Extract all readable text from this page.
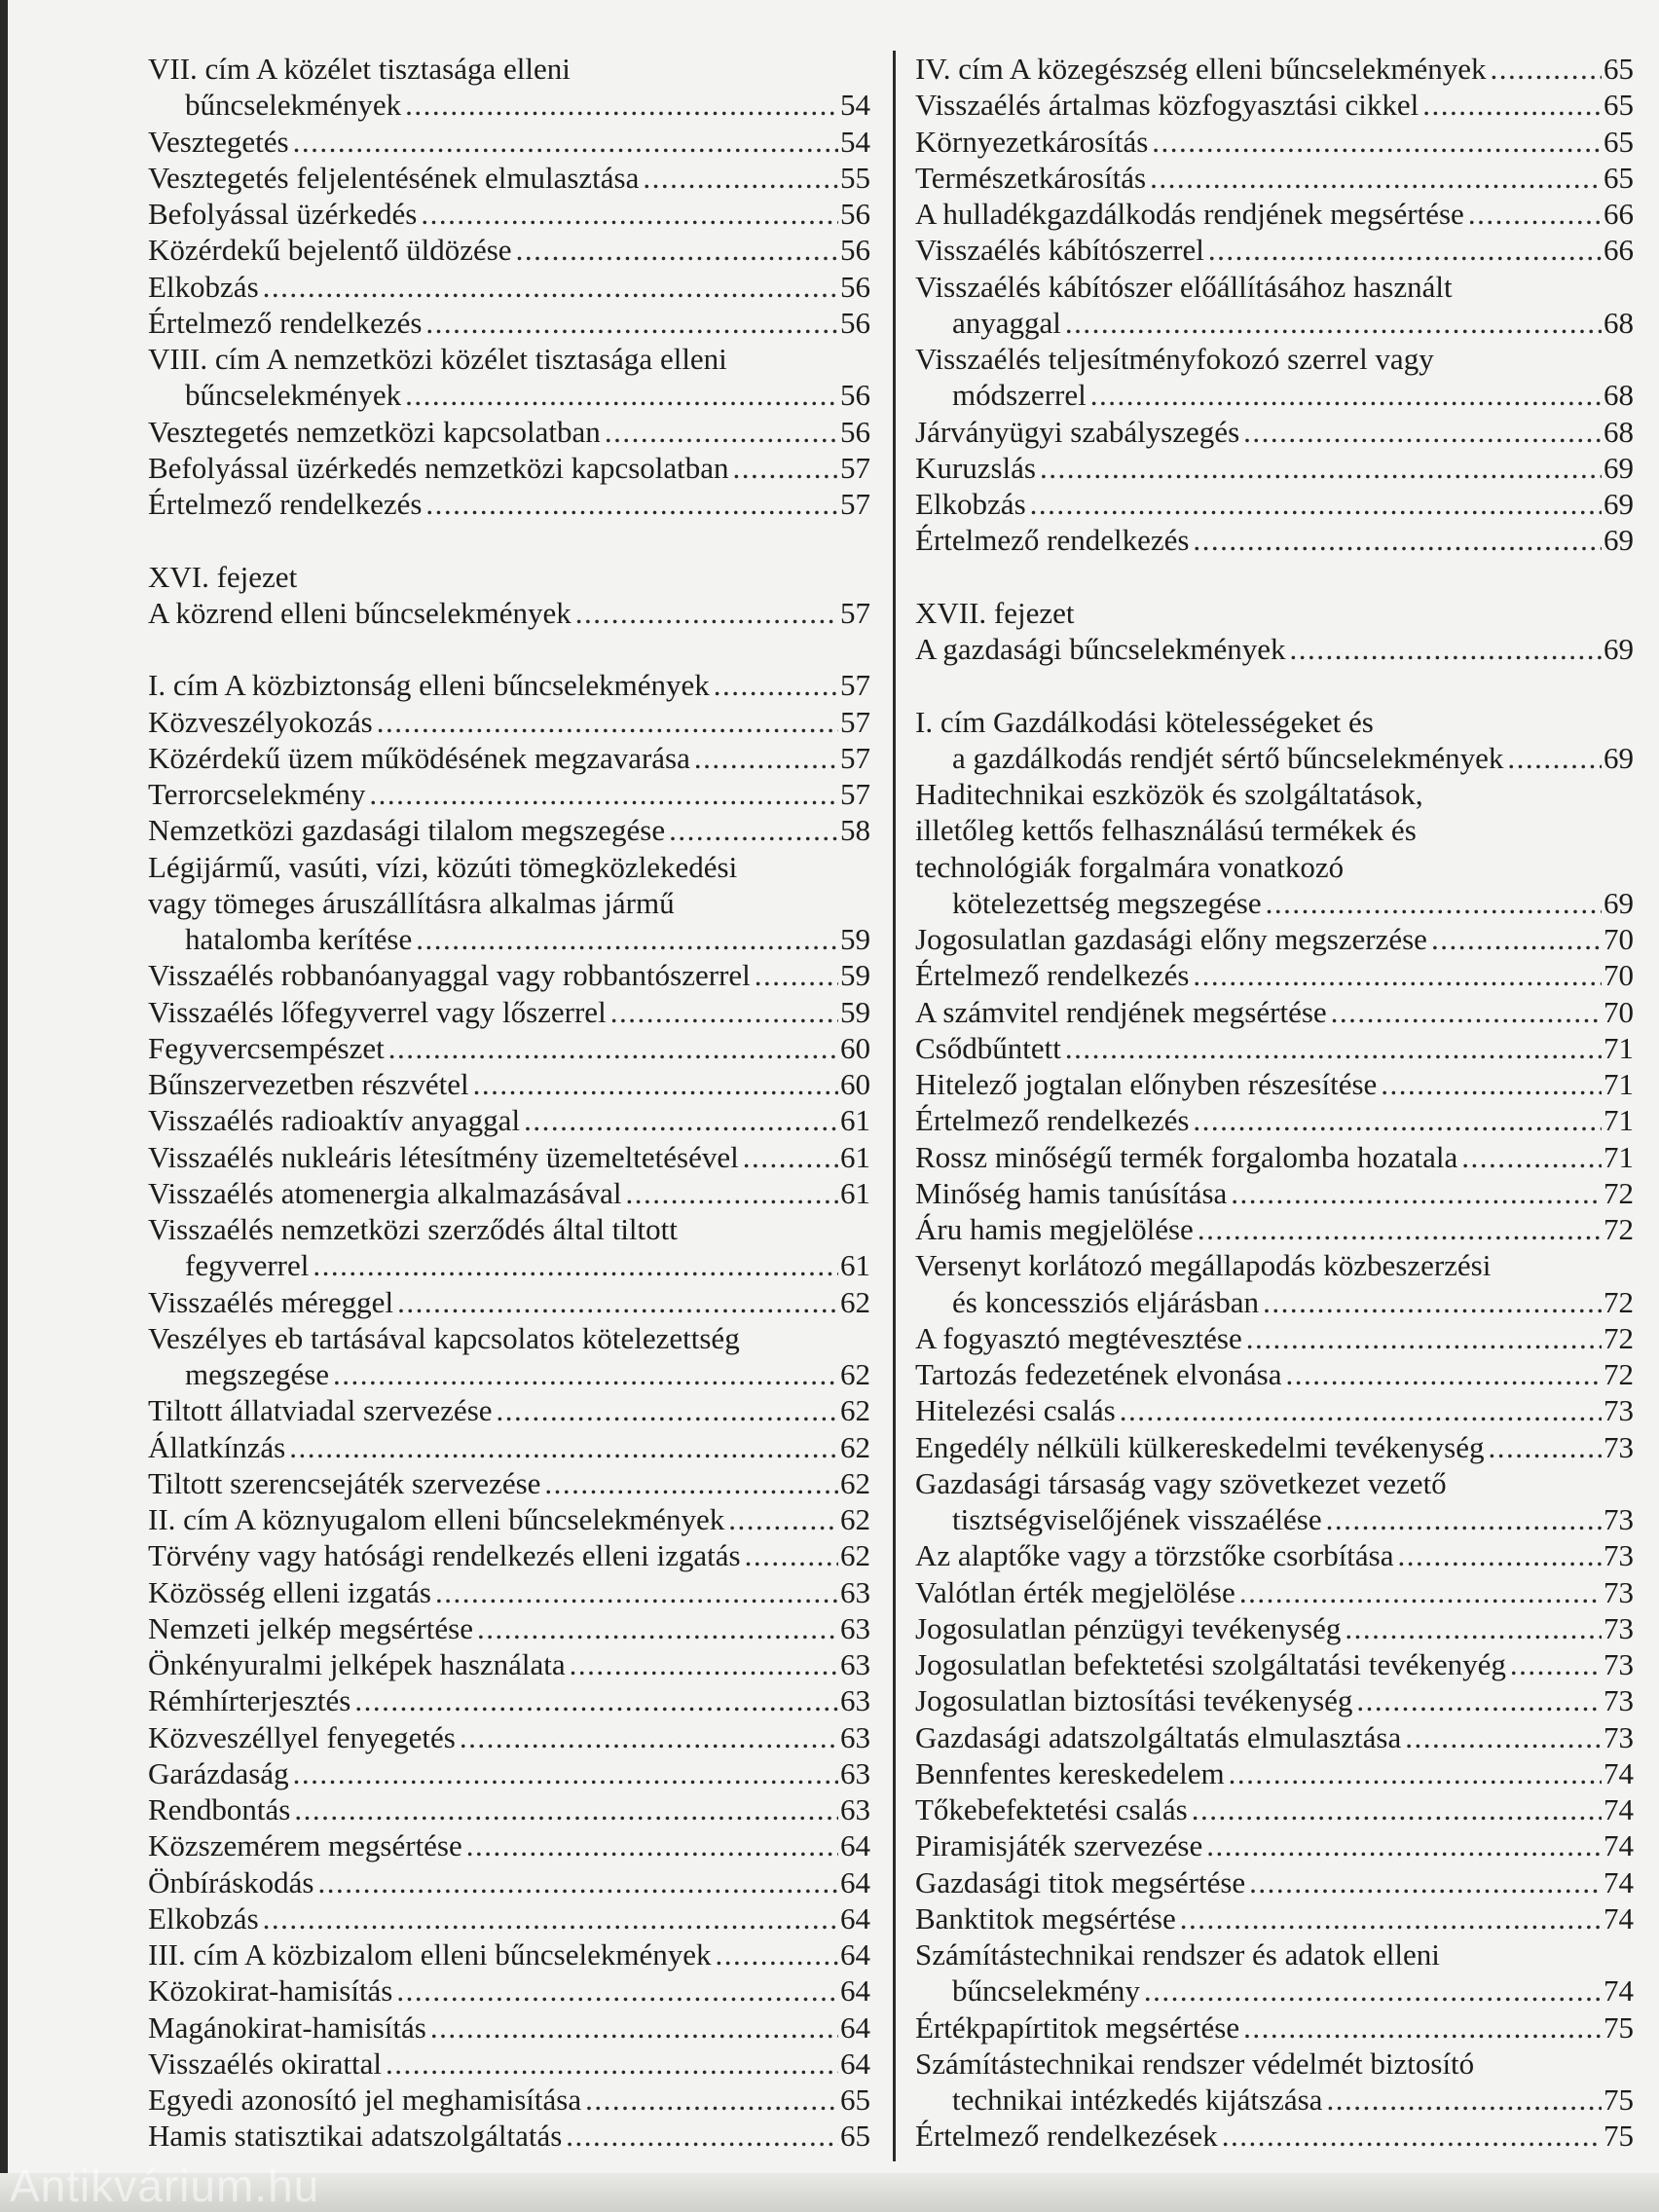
VII. cím A közélet tisztasága elleni
bűncselekmények .....	54
Vesztegetés .....	54
Vesztegetés feljelentésének elmulasztása .....	55
Befolyással üzérkedés .....	56
Közérdekű bejelentő üldözése .....	56
Elkobzás .....	56
Értelmező rendelkezés .....	56
VIII. cím A nemzetközi közélet tisztasága elleni
bűncselekmények .....	56
Vesztegetés nemzetközi kapcsolatban .....	56
Befolyással üzérkedés nemzetközi kapcsolatban .....	57
Értelmező rendelkezés .....	57
XVI. fejezet
A közrend elleni bűncselekmények .....	57
I. cím A közbiztonság elleni bűncselekmények .....	57
Közveszélyokozás .....	57
Közérdekű üzem működésének megzavarása .....	57
Terrorcselekmény .....	57
Nemzetközi gazdasági tilalom megszegése .....	58
Légijármű, vasúti, vízi, közúti tömegközlekedési
vagy tömeges áruszállításra alkalmas jármű
hatalomba kerítése .....	59
Visszaélés robbanóanyaggal vagy robbantószerrel .....	59
Visszaélés lőfegyverrel vagy lőszerrel .....	59
Fegyvercsempészet .....	60
Bűnszervezetben részvétel .....	60
Visszaélés radioaktív anyaggal .....	61
Visszaélés nukleáris létesítmény üzemeltetésével .....	61
Visszaélés atomenergia alkalmazásával .....	61
Visszaélés nemzetközi szerződés által tiltott
fegyverrel .....	61
Visszaélés méreggel .....	62
Veszélyes eb tartásával kapcsolatos kötelezettség
megszegése .....	62
Tiltott állatviadal szervezése .....	62
Állatkínzás .....	62
Tiltott szerencsejáték szervezése .....	62
II. cím A köznyugalom elleni bűncselekmények .....	62
Törvény vagy hatósági rendelkezés elleni izgatás .....	62
Közösség elleni izgatás .....	63
Nemzeti jelkép megsértése .....	63
Önkényuralmi jelképek használata .....	63
Rémhírterjesztés .....	63
Közveszéllyel fenyegetés .....	63
Garázdaság .....	63
Rendbontás .....	63
Közszemérem megsértése .....	64
Önbíráskodás .....	64
Elkobzás .....	64
III. cím A közbizalom elleni bűncselekmények .....	64
Közokirat-hamisítás .....	64
Magánokirat-hamisítás .....	64
Visszaélés okirattal .....	64
Egyedi azonosító jel meghamisítása .....	65
Hamis statisztikai adatszolgáltatás .....	65
IV. cím A közegészség elleni bűncselekmények .....	65
Visszaélés ártalmas közfogyasztási cikkel .....	65
Környezetkárosítás .....	65
Természetkárosítás .....	65
A hulladékgazdálkodás rendjének megsértése .....	66
Visszaélés kábítószerrel .....	66
Visszaélés kábítószer előállításához használt
anyaggal .....	68
Visszaélés teljesítményfokozó szerrel vagy
módszerrel .....	68
Járványügyi szabályszegés .....	68
Kuruzslás .....	69
Elkobzás .....	69
Értelmező rendelkezés .....	69
XVII. fejezet
A gazdasági bűncselekmények .....	69
I. cím Gazdálkodási kötelességeket és
a gazdálkodás rendjét sértő bűncselekmények .....	69
Haditechnikai eszközök és szolgáltatások,
illetőleg kettős felhasználású termékek és
technológiák forgalmára vonatkozó
kötelezettség megszegése .....	69
Jogosulatlan gazdasági előny megszerzése .....	70
Értelmező rendelkezés .....	70
A számvitel rendjének megsértése .....	70
Csődbűntett .....	71
Hitelező jogtalan előnyben részesítése .....	71
Értelmező rendelkezés .....	71
Rossz minőségű termék forgalomba hozatala .....	71
Minőség hamis tanúsítása .....	72
Áru hamis megjelölése .....	72
Versenyt korlátozó megállapodás közbeszerzési
és koncessziós eljárásban .....	72
A fogyasztó megtévesztése .....	72
Tartozás fedezetének elvonása .....	72
Hitelezési csalás .....	73
Engedély nélküli külkereskedelmi tevékenység .....	73
Gazdasági társaság vagy szövetkezet vezető
tisztségviselőjének visszaélése .....	73
Az alaptőke vagy a törzstőke csorbítása .....	73
Valótlan érték megjelölése .....	73
Jogosulatlan pénzügyi tevékenység .....	73
Jogosulatlan befektetési szolgáltatási tevékenyég .....	73
Jogosulatlan biztosítási tevékenység .....	73
Gazdasági adatszolgáltatás elmulasztása .....	73
Bennfentes kereskedelem .....	74
Tőkebefektetési csalás .....	74
Piramisjáték szervezése .....	74
Gazdasági titok megsértése .....	74
Banktitok megsértése .....	74
Számítástechnikai rendszer és adatok elleni
bűncselekmény .....	74
Értékpapírtitok megsértése .....	75
Számítástechnikai rendszer védelmét biztosító
technikai intézkedés kijátszása .....	75
Értelmező rendelkezések .....	75
Antikvárium.hu
